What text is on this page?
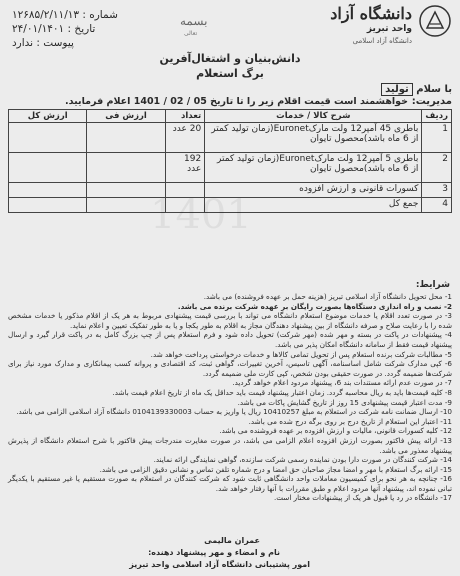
دانشگاه آزاد
واحد تبریز
دانشگاه آزاد اسلامی
بسمه
تعالی
شماره : ۱۲۶۸۵/۲/۱۱/۱۳
تاریخ : ۲۴/۰۱/۱۴۰۱
پیوست : ندارد
دانش‌بنیان و اشتغال‌آفرین
برگ استعلام
با سلام تولید
مدیریت:
خواهشمند است قیمت اقلام زیر را تا تاریخ 05 / 02 / 1401 اعلام فرمایید.
ردیف	شرح کالا / خدمات	تعداد	ارزش فی	ارزش کل
1	باطری 45 آمپر12 ولت مارکEuronet(زمان تولید کمتر از 6 ماه باشد)محصول تایوان	20 عدد		
2	باطری 5 آمپر12 ولت مارکEuronet(زمان تولید کمتر از 6 ماه باشد)محصول تایوان	192 عدد		
3	کسورات قانونی و ارزش افزوده			
4	جمع کل			
1401
شرایط:
1- محل تحویل دانشگاه آزاد اسلامی تبریز (هزینه حمل بر عهده فروشنده) می باشد.
2- نصب و راه اندازی دستگاه‌ها بصورت رایگان بر عهده شرکت برنده می باشد.
3- در صورت تعدد اقلام یا خدمات موضوع استعلام دانشگاه می تواند با بررسی قیمت پیشنهادی مربوط به هر یک از اقلام مذکور یا خدمات مشخص شده را با رعایت صلاح و صرفه دانشگاه از بین پیشنهاد دهندگان مجاز به اقلام به طور یکجا و یا به طور تفکیک تعیین و اعلام نماید.
4- پیشنهادات در پاکت در بسته و مهر شده (مهر شرکت) تحویل داده شود و فرم استعلام پس از چپ بزرگ کامل به در پاکت قرار گیرد و ارسال پیشنهاد قیمت فقط از سامانه دانشگاه امکان پذیر می باشد.
5- مطالبات شرکت برنده استعلام پس از تحویل تمامی کالاها و خدمات درخواستی پرداخت خواهد شد.
6- کپی مدارک شرکت شامل اساسنامه، آگهی تاسیس، آخرین تغییرات، گواهی ثبت، کد اقتصادی و پروانه کسب پیمانکاری و مدارک مورد نیاز برای شرکت‌ها ضمیمه گردد. در صورت حقیقی بودن شخص، کپی کارت ملی ضمیمه گردد.
7- در صورت عدم ارائه مستندات بند 6، پیشنهاد مردود اعلام خواهد گردید.
8- کلیه قیمت‌ها باید به ریال محاسبه گردد. زمان اعتبار پیشنهاد قیمت باید حداقل یک ماه از تاریخ اعلام قیمت باشد.
9- مدت اعتبار قیمت پیشنهادی 15 روز از تاریخ گشایش پاکات می باشد.
10- ارسال ضمانت نامه شرکت در استعلام به مبلغ 10410257 ریال یا واریز به حساب 0104139330003 دانشگاه آزاد اسلامی الزامی می باشد.
11- اعتبار این استعلام از تاریخ درج بر روی برگه درج شده می باشد.
12- کلیه کسورات قانونی، مالیات و ارزش افزوده بر عهده فروشنده می باشد.
13- ارائه پیش فاکتور بصورت ارزش افزوده اعلام الزامی می باشد، در صورت مغایرت مندرجات پیش فاکتور با شرح استعلام دانشگاه از پذیرش پیشنهاد معذور می باشد.
14- شرکت کنندگان در صورت دارا بودن نماینده رسمی شرکت سازنده، گواهی نمایندگی ارائه نمایند.
15- ارائه برگ استعلام با مهر و امضا مجاز صاحبان حق امضا و درج شماره تلفن تماس و نشانی دقیق الزامی می باشد.
16- چنانچه به هر نحو برای کمیسیون معاملات واحد دانشگاهی ثابت شود که شرکت کنندگان در استعلام به صورت مستقیم یا غیر مستقیم با یکدیگر تبانی نموده اند، پیشنهاد آنها مردود اعلام و طبق مقررات با آنها رفتار خواهد شد.
17- دانشگاه در رد یا قبول هر یک از پیشنهادات مختار است.
نام و امضاء و مهر پیشنهاد دهنده:
عمران مالیمی
امور پشتیبانی دانشگاه آزاد اسلامی واحد تبریز
